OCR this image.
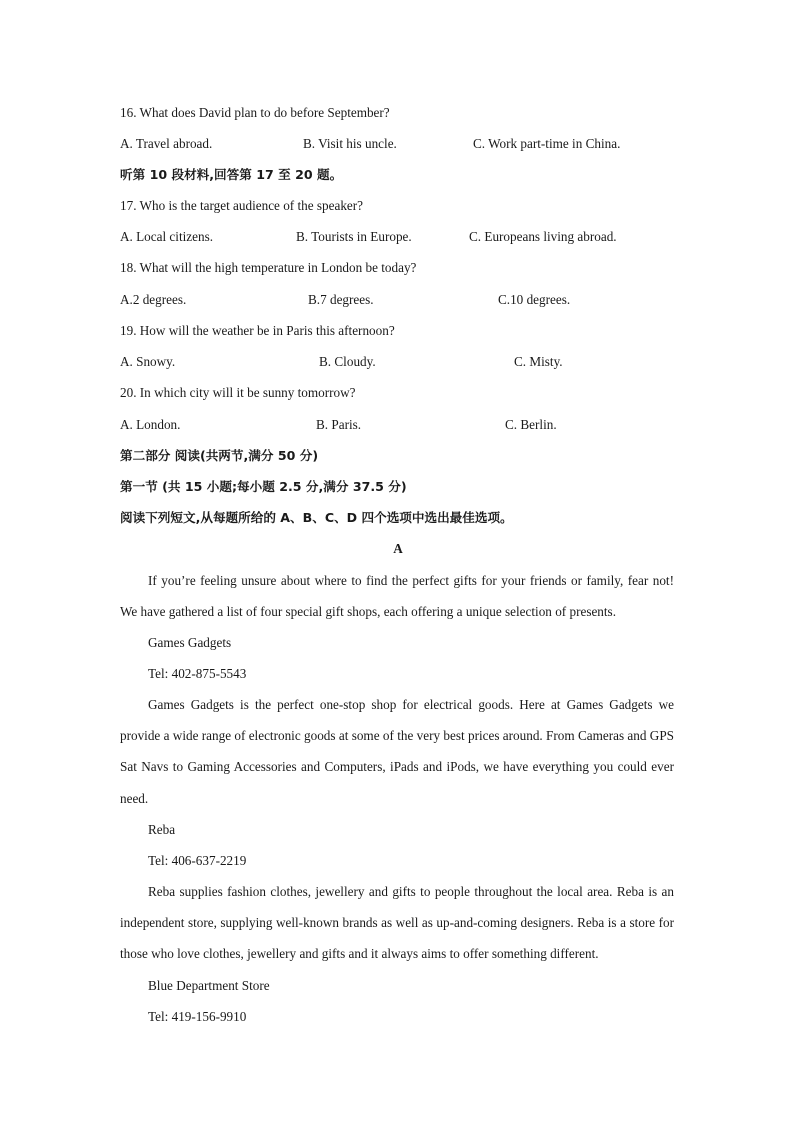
16. What does David plan to do before September?
A. Travel abroad.	B. Visit his uncle.	C. Work part-time in China.
听第 10 段材料,回答第 17 至 20 题。
17. Who is the target audience of the speaker?
A. Local citizens.	B. Tourists in Europe.	C. Europeans living abroad.
18. What will the high temperature in London be today?
A.2 degrees.	B.7 degrees.	C.10 degrees.
19. How will the weather be in Paris this afternoon?
A. Snowy.	B. Cloudy.	C. Misty.
20. In which city will it be sunny tomorrow?
A. London.	B. Paris.	C. Berlin.
第二部分 阅读(共两节,满分 50 分)
第一节 (共 15 小题;每小题 2.5 分,满分 37.5 分)
阅读下列短文,从每题所给的 A、B、C、D 四个选项中选出最佳选项。
A
If you’re feeling unsure about where to find the perfect gifts for your friends or family, fear not! We have gathered a list of four special gift shops, each offering a unique selection of presents.
Games Gadgets
Tel: 402-875-5543
Games Gadgets is the perfect one-stop shop for electrical goods. Here at Games Gadgets we provide a wide range of electronic goods at some of the very best prices around. From Cameras and GPS Sat Navs to Gaming Accessories and Computers, iPads and iPods, we have everything you could ever need.
Reba
Tel: 406-637-2219
Reba supplies fashion clothes, jewellery and gifts to people throughout the local area. Reba is an independent store, supplying well-known brands as well as up-and-coming designers. Reba is a store for those who love clothes, jewellery and gifts and it always aims to offer something different.
Blue Department Store
Tel: 419-156-9910
